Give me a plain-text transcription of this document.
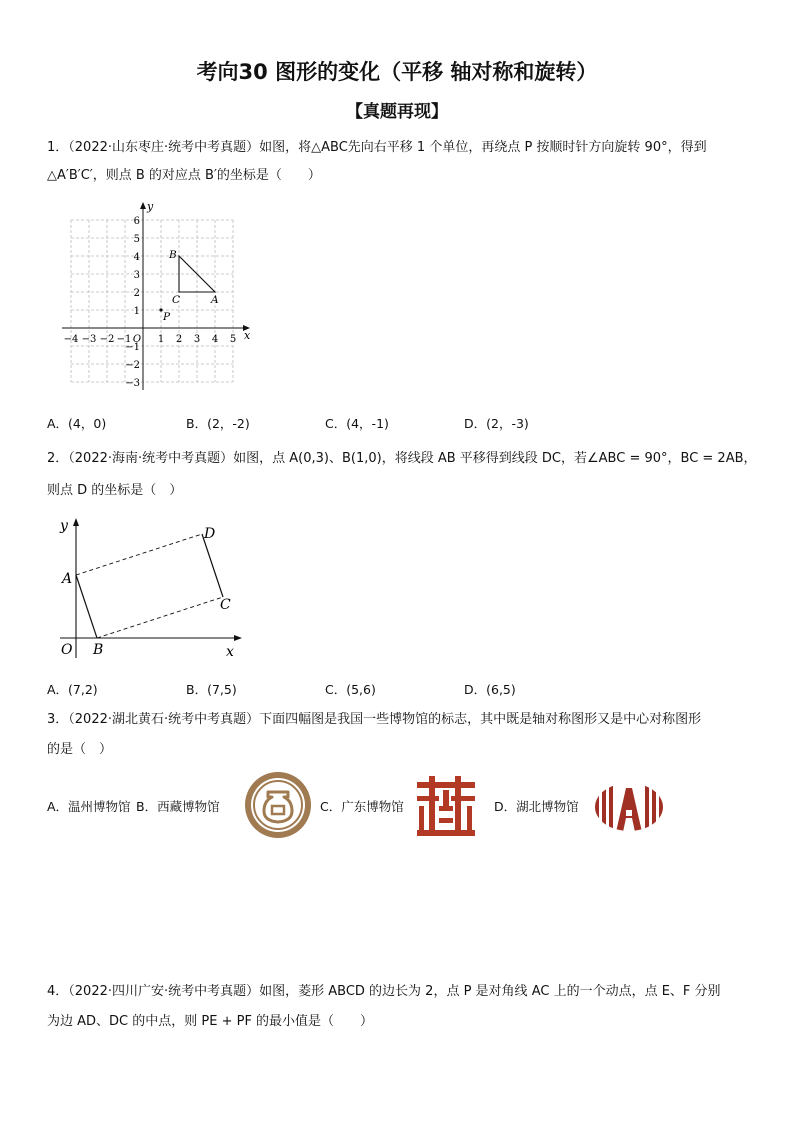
考向30 图形的变化（平移 轴对称和旋转）
【真题再现】
1．（2022·山东枣庄·统考中考真题）如图，将△ABC先向右平移 1 个单位，再绕点 P 按顺时针方向旋转 90°，得到
△A′B′C′，则点 B 的对应点 B′的坐标是（　　）
y
x
6
5
4
3
2
1
−1
−2
−3
−4 −3 −2 −1 O 1 2 3 4 5
B
C	A
P
A．(4，0)	B．(2，-2)	C．(4，-1)	D．(2，-3)
2．（2022·海南·统考中考真题）如图，点 A(0,3)、B(1,0)，将线段 AB 平移得到线段 DC，若∠ABC = 90°，BC = 2AB，
则点 D 的坐标是（　）
y
x
O
A
B
C
D
A．(7,2)	B．(7,5)	C．(5,6)	D．(6,5)
3．（2022·湖北黄石·统考中考真题）下面四幅图是我国一些博物馆的标志，其中既是轴对称图形又是中心对称图形
的是（　）
A．温州博物馆 B．西藏博物馆	C．广东博物馆	D．湖北博物馆
4．（2022·四川广安·统考中考真题）如图，菱形 ABCD 的边长为 2，点 P 是对角线 AC 上的一个动点，点 E、F 分别
为边 AD、DC 的中点，则 PE + PF 的最小值是（　　）
